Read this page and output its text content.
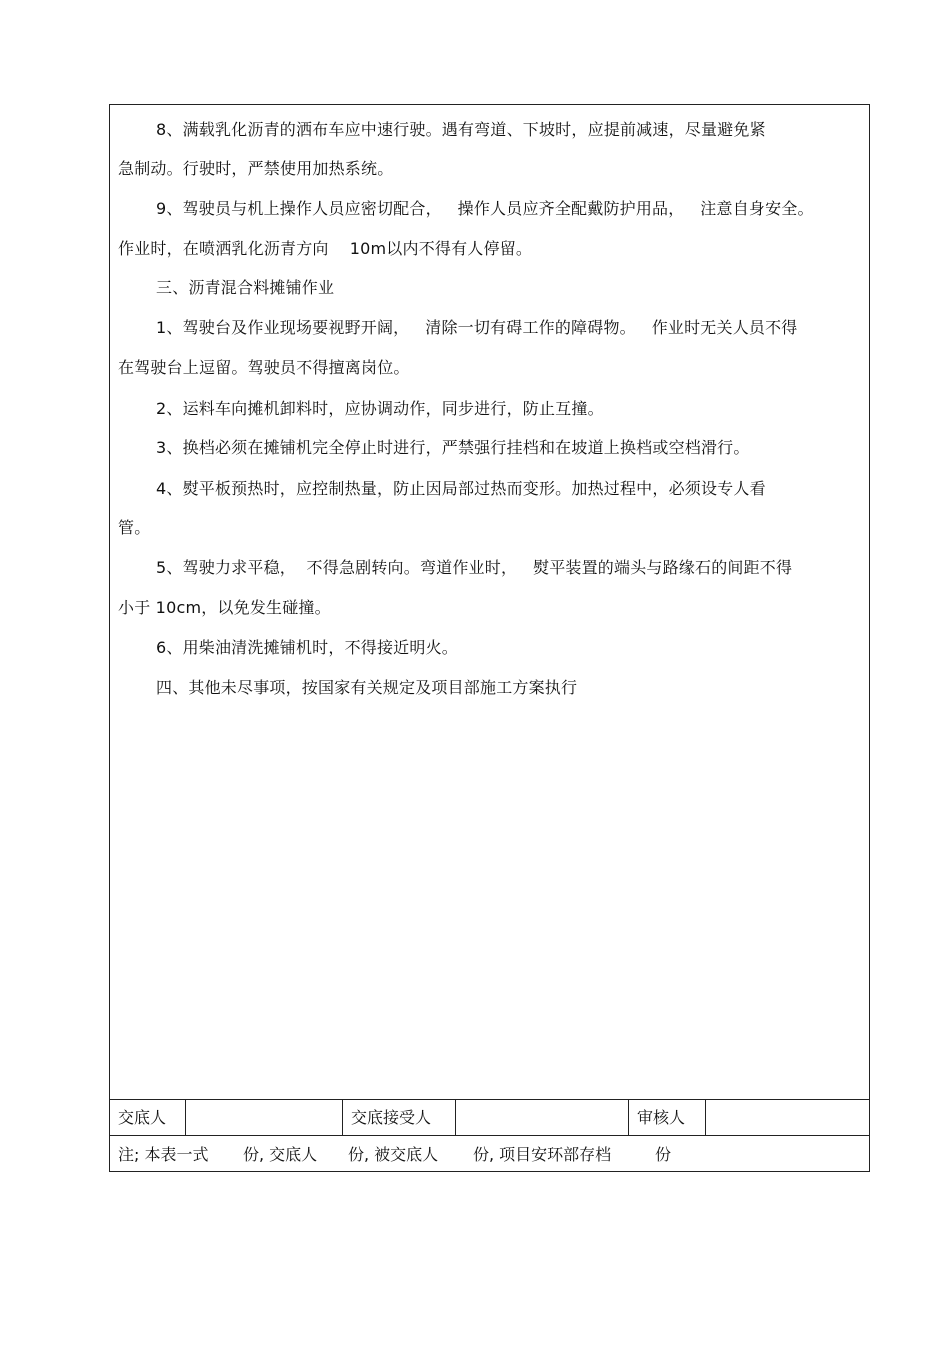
8、满载乳化沥青的洒布车应中速行驶。遇有弯道、下坡时，应提前减速，尽量避免紧
急制动。行驶时，严禁使用加热系统。
9、驾驶员与机上操作人员应密切配合，   操作人员应齐全配戴防护用品，   注意自身安全。
作业时，在喷洒乳化沥青方向    10m以内不得有人停留。
三、沥青混合料摊铺作业
1、驾驶台及作业现场要视野开阔，   清除一切有碍工作的障碍物。   作业时无关人员不得
在驾驶台上逗留。驾驶员不得擅离岗位。
2、运料车向摊机卸料时，应协调动作，同步进行，防止互撞。
3、换档必须在摊铺机完全停止时进行，严禁强行挂档和在坡道上换档或空档滑行。
4、熨平板预热时，应控制热量，防止因局部过热而变形。加热过程中，必须设专人看
管。
5、驾驶力求平稳，  不得急剧转向。弯道作业时，   熨平装置的端头与路缘石的间距不得
小于 10cm，以免发生碰撞。
6、用柴油清洗摊铺机时，不得接近明火。
四、其他未尽事项，按国家有关规定及项目部施工方案执行
交底人	交底接受人	审核人
注; 本表一式 份, 交底人 份, 被交底人 份, 项目安环部存档	份
